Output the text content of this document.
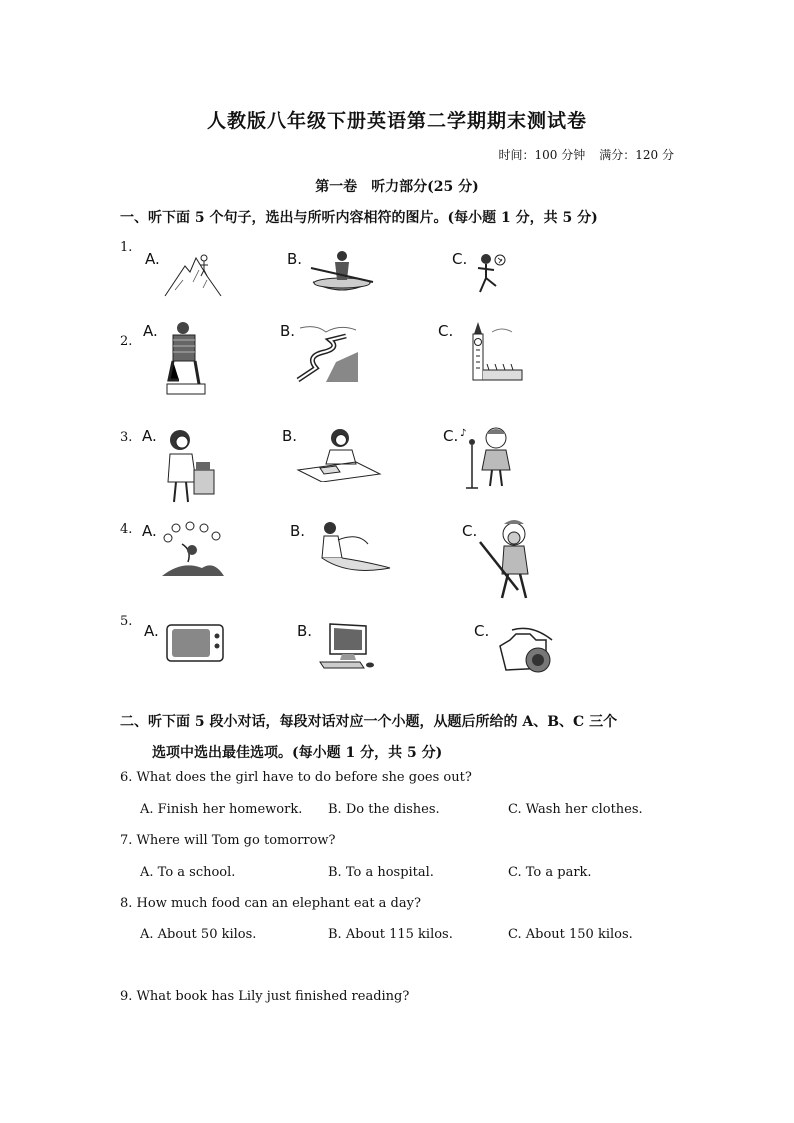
人教版八年级下册英语第二学期期末测试卷
时间：100 分钟 满分：120 分
第一卷 听力部分(25 分)
一、听下面 5 个句子，选出与所听内容相符的图片。(每小题 1 分，共 5 分)
1.
A.	B.	C.
2.
A.	B.	C.
3. A.	B.	C. ♪
4. A.	B.	C.
5.
A.	B.	C.
二、听下面 5 段小对话，每段对话对应一个小题，从题后所给的 A、B、C 三个
选项中选出最佳选项。(每小题 1 分，共 5 分)
6. What does the girl have to do before she goes out?
A. Finish her homework. B. Do the dishes.	C. Wash her clothes.
7. Where will Tom go tomorrow?
A. To a school.	B. To a hospital.	C. To a park.
8. How much food can an elephant eat a day?
A. About 50 kilos.	B. About 115 kilos.	C. About 150 kilos.
9. What book has Lily just finished reading?
